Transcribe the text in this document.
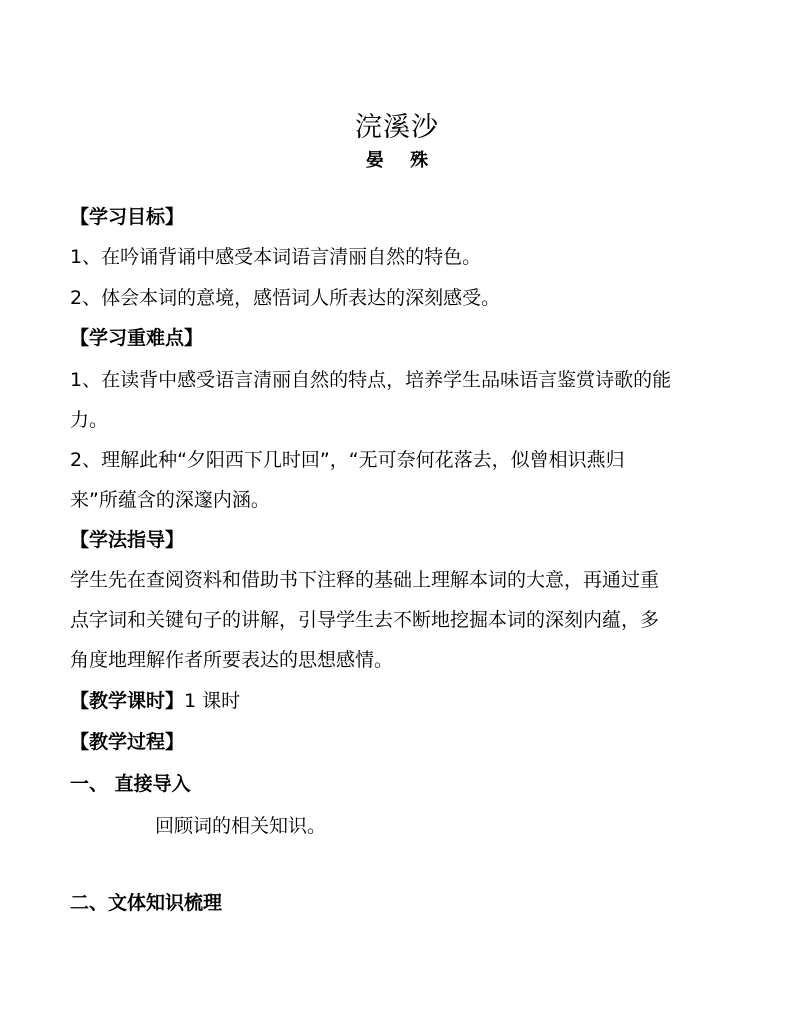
浣溪沙
晏 殊
【学习目标】
1、在吟诵背诵中感受本词语言清丽自然的特色。
2、体会本词的意境，感悟词人所表达的深刻感受。
【学习重难点】
1、在读背中感受语言清丽自然的特点，培养学生品味语言鉴赏诗歌的能
力。
2、理解此种“夕阳西下几时回”，“无可奈何花落去，似曾相识燕归
来”所蕴含的深邃内涵。
【学法指导】
学生先在查阅资料和借助书下注释的基础上理解本词的大意，再通过重
点字词和关键句子的讲解，引导学生去不断地挖掘本词的深刻内蕴，多
角度地理解作者所要表达的思想感情。
【教学课时】1 课时
【教学过程】
一、 直接导入
回顾词的相关知识。
二、文体知识梳理
